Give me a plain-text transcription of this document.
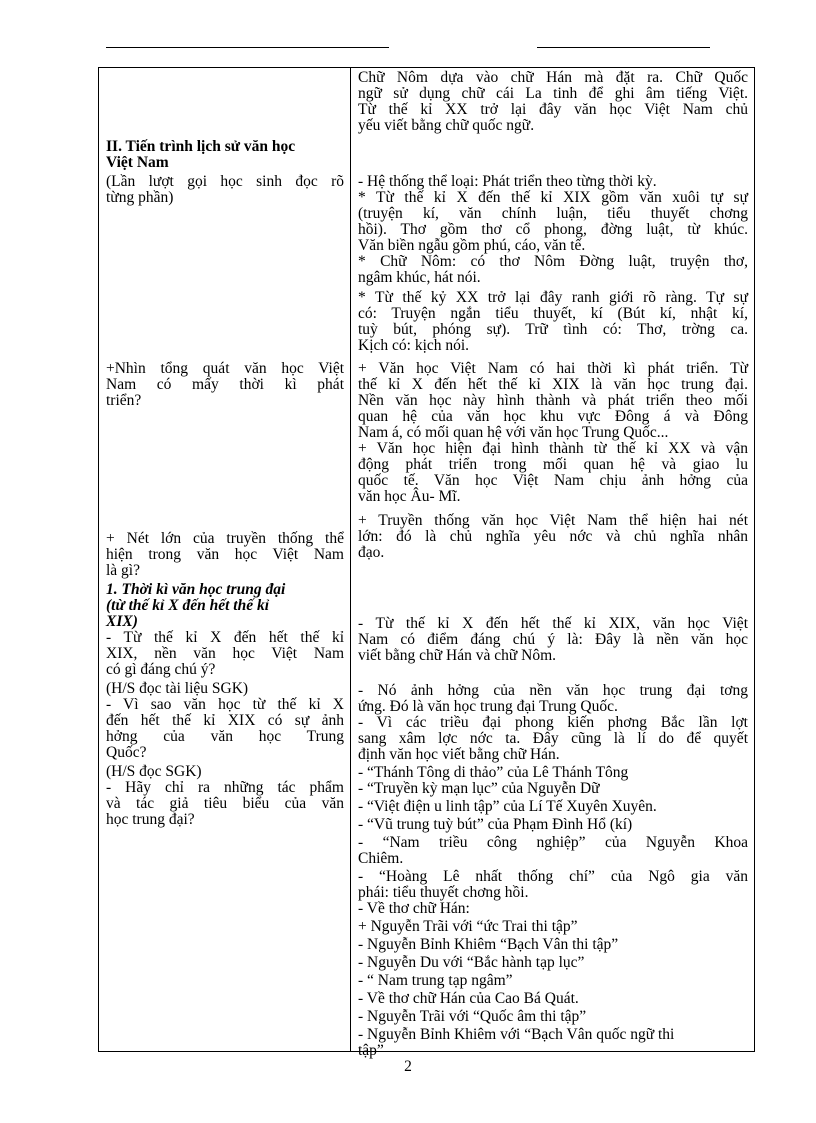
II. Tiến trình lịch sử văn học
Việt Nam
(Lần lượt gọi học sinh đọc rõ
từng phần)
+Nhìn tổng quát văn học Việt
Nam có mấy thời kì phát
triển?
+ Nét lớn của truyền thống thể
hiện trong văn học Việt Nam
là gì?
1. Thời kì văn học trung đại
(từ thế kỉ X đến hết thế kỉ
XIX)
- Từ thế kỉ X đến hết thế kỉ
XIX, nền văn học Việt Nam
có gì đáng chú ý?
(H/S đọc tài liệu SGK)
- Vì sao văn học từ thế kỉ X
đến hết thế kỉ XIX có sự ảnh
hởng của văn học Trung
Quốc?
(H/S đọc SGK)
- Hãy chỉ ra những tác phẩm
và tác giả tiêu biểu của văn
học trung đại?
Chữ Nôm dựa vào chữ Hán mà đặt ra. Chữ Quốc
ngữ sử dụng chữ cái La tinh để ghi âm tiếng Việt.
Từ thế kỉ XX trở lại đây văn học Việt Nam chủ
yếu viết bằng chữ quốc ngữ.
- Hệ thống thể loại: Phát triển theo từng thời kỳ.
* Từ thế kỉ X đến thế kỉ XIX gồm văn xuôi tự sự
(truyện kí, văn chính luận, tiểu thuyết chơng
hồi). Thơ gồm thơ cổ phong, đờng luật, từ khúc.
Văn biền ngẫu gồm phú, cáo, văn tế.
* Chữ Nôm: có thơ Nôm Đờng luật, truyện thơ,
ngâm khúc, hát nói.
* Từ thế kỷ XX trở lại đây ranh giới rõ ràng. Tự sự
có: Truyện ngắn tiểu thuyết, kí (Bút kí, nhật kí,
tuỳ bút, phóng sự). Trữ tình có: Thơ, trờng ca.
Kịch có: kịch nói.
+ Văn học Việt Nam có hai thời kì phát triển. Từ
thế kỉ X đến hết thế kỉ XIX là văn học trung đại.
Nền văn học này hình thành và phát triển theo mối
quan hệ của văn học khu vực Đông á và Đông
Nam á, có mối quan hệ với văn học Trung Quốc...
+ Văn học hiện đại hình thành từ thế kỉ XX và vận
động phát triển trong mối quan hệ và giao lu
quốc tế. Văn học Việt Nam chịu ảnh hởng của
văn học Âu- Mĩ.
+ Truyền thống văn học Việt Nam thể hiện hai nét
lớn: đó là chủ nghĩa yêu nớc và chủ nghĩa nhân
đạo.
- Từ thế kỉ X đến hết thế kỉ XIX, văn học Việt
Nam có điểm đáng chú ý là: Đây là nền văn học
viết bằng chữ Hán và chữ Nôm.
- Nó ảnh hởng của nền văn học trung đại tơng
ứng. Đó là văn học trung đại Trung Quốc.
- Vì các triều đại phong kiến phơng Bắc lần lợt
sang xâm lợc nớc ta. Đây cũng là lí do để quyết
định văn học viết bằng chữ Hán.
- “Thánh Tông di thảo” của Lê Thánh Tông
- “Truyền kỳ mạn lục” của Nguyễn Dữ
- “Việt điện u linh tập” của Lí Tế Xuyên Xuyên.
- “Vũ trung tuỳ bút” của Phạm Đình Hổ (kí)
- “Nam triều công nghiệp” của Nguyễn Khoa
Chiêm.
- “Hoàng Lê nhất thống chí” của Ngô gia văn
phái: tiểu thuyết chơng hồi.
- Về thơ chữ Hán:
+ Nguyễn Trãi với “ức Trai thi tập”
- Nguyễn Bỉnh Khiêm “Bạch Vân thi tập”
- Nguyễn Du với “Bắc hành tạp lục”
- “ Nam trung tạp ngâm”
- Về thơ chữ Hán của Cao Bá Quát.
- Nguyễn Trãi với “Quốc âm thi tập”
- Nguyễn Bỉnh Khiêm với “Bạch Vân quốc ngữ thi
tập”
2
